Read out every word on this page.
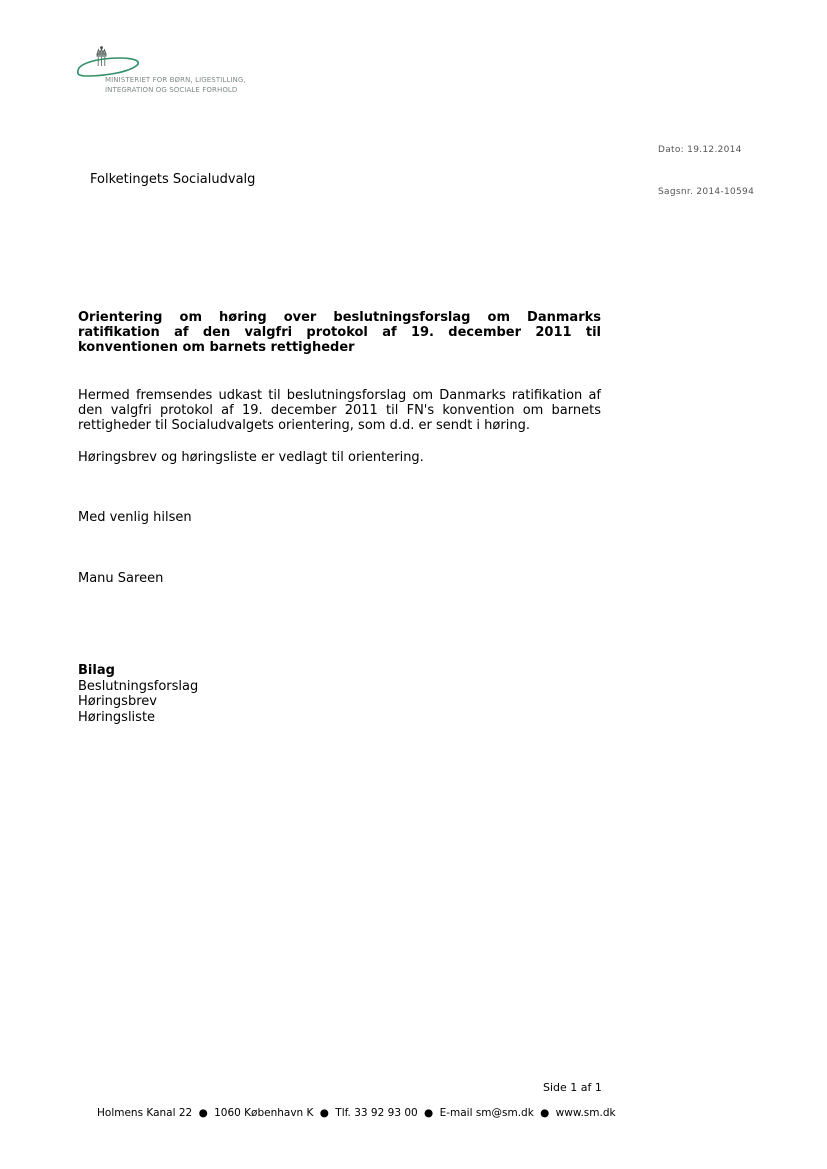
MINISTERIET FOR BØRN, LIGESTILLING,
INTEGRATION OG SOCIALE FORHOLD
Dato: 19.12.2014
Sagsnr. 2014-10594
Folketingets Socialudvalg
Orientering om høring over beslutningsforslag om Danmarks ratifikation af den valgfri protokol af 19. december 2011 til konventionen om barnets rettigheder
Hermed fremsendes udkast til beslutningsforslag om Danmarks ratifikation af den valgfri protokol af 19. december 2011 til FN's konvention om barnets rettigheder til Socialudvalgets orientering, som d.d. er sendt i høring.
Høringsbrev og høringsliste er vedlagt til orientering.
Med venlig hilsen
Manu Sareen
Bilag
Beslutningsforslag
Høringsbrev
Høringsliste
Side 1 af 1
Holmens Kanal 22 ● 1060 København K ● Tlf. 33 92 93 00 ● E-mail sm@sm.dk ● www.sm.dk
